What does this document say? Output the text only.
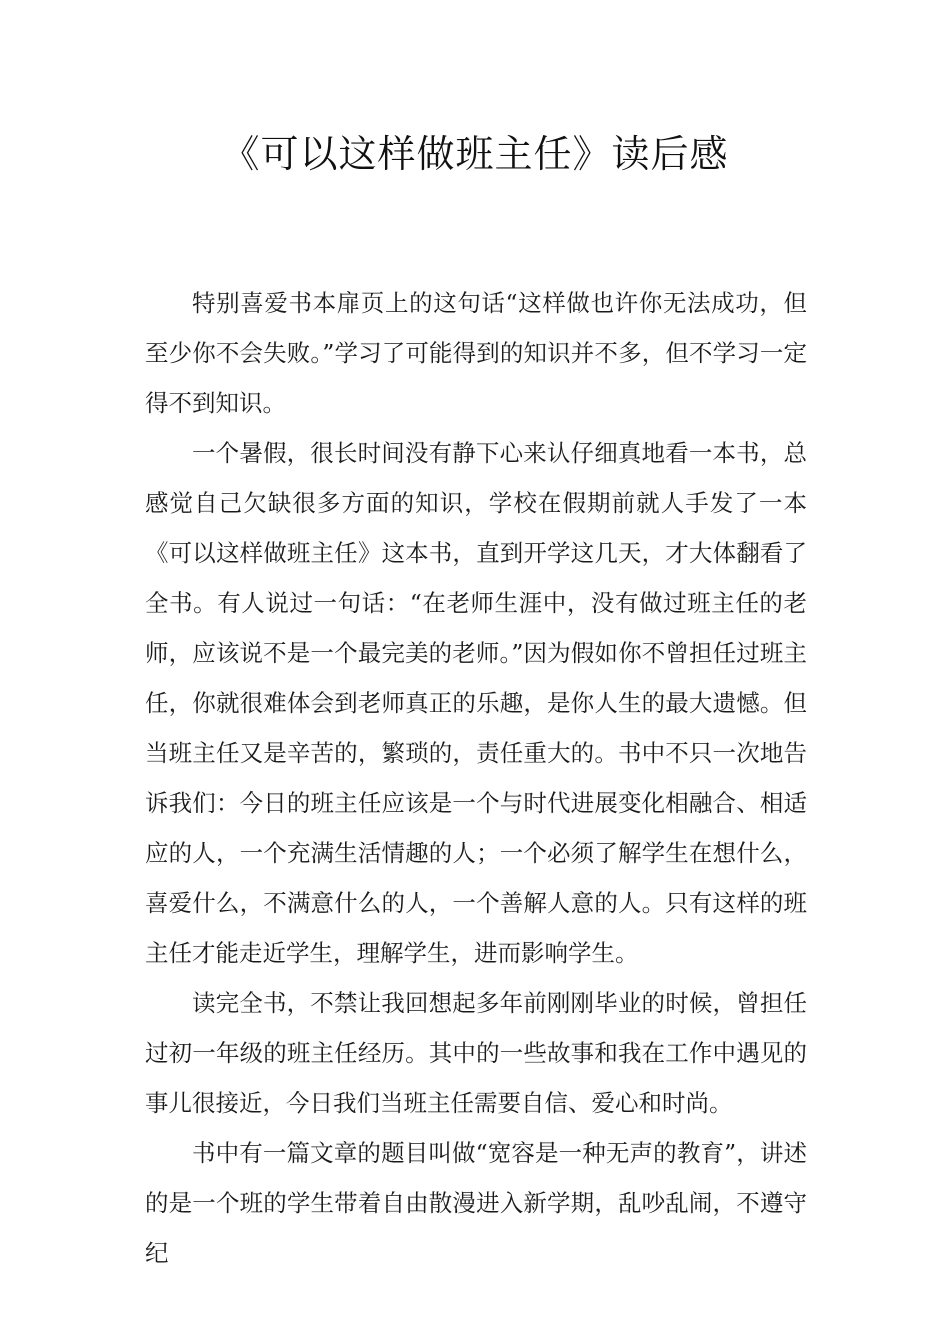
《可以这样做班主任》读后感

特别喜爱书本扉页上的这句话“这样做也许你无法成功，但至少你不会失败。”学习了可能得到的知识并不多，但不学习一定得不到知识。

一个暑假，很长时间没有静下心来认仔细真地看一本书，总感觉自己欠缺很多方面的知识，学校在假期前就人手发了一本《可以这样做班主任》这本书，直到开学这几天，才大体翻看了全书。有人说过一句话：“在老师生涯中，没有做过班主任的老师，应该说不是一个最完美的老师。”因为假如你不曾担任过班主任，你就很难体会到老师真正的乐趣，是你人生的最大遗憾。但当班主任又是辛苦的，繁琐的，责任重大的。书中不只一次地告诉我们：今日的班主任应该是一个与时代进展变化相融合、相适应的人，一个充满生活情趣的人；一个必须了解学生在想什么，喜爱什么，不满意什么的人，一个善解人意的人。只有这样的班主任才能走近学生，理解学生，进而影响学生。

读完全书，不禁让我回想起多年前刚刚毕业的时候，曾担任过初一年级的班主任经历。其中的一些故事和我在工作中遇见的事儿很接近，今日我们当班主任需要自信、爱心和时尚。

书中有一篇文章的题目叫做“宽容是一种无声的教育”，讲述的是一个班的学生带着自由散漫进入新学期，乱吵乱闹，不遵守纪
